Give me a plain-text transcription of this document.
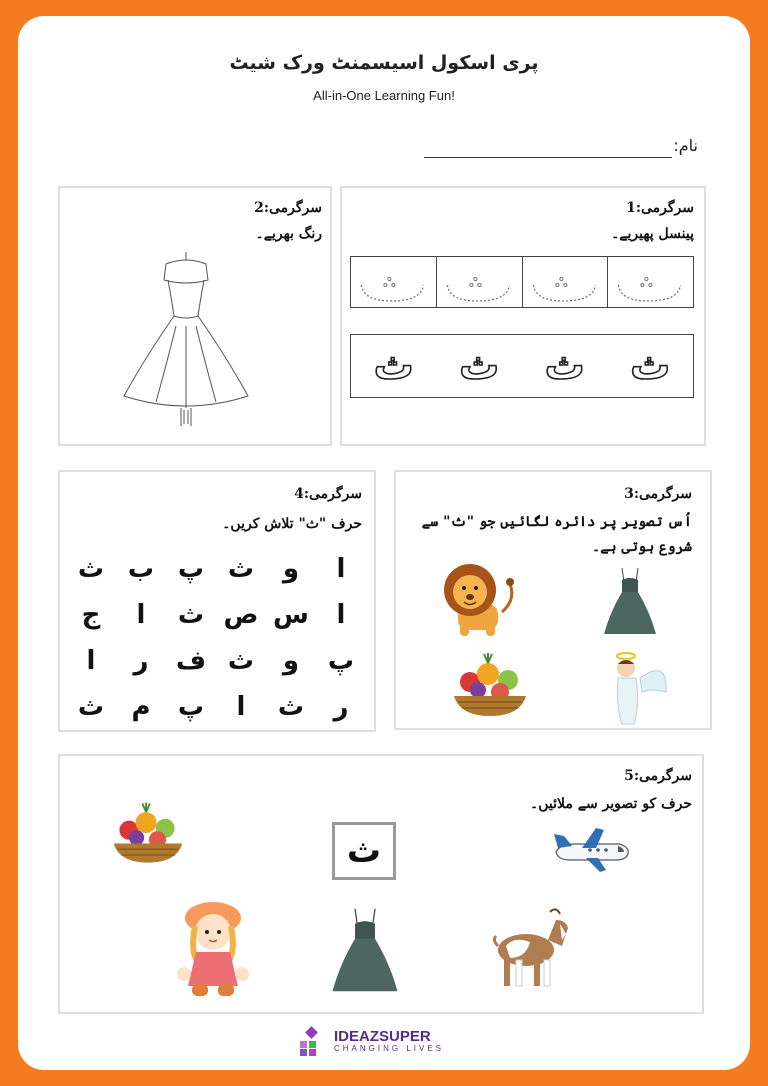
پری اسکول اسیسمنٹ ورک شیٹ
All-in-One Learning Fun!
نام:
سرگرمی:1
پینسل پھیریے۔
ث
ث
ث
ث
سرگرمی:2
رنگ بھریے۔
سرگرمی:4
حرف "ث" تلاش کریں۔
ا
و
ث
پ
ب
ث
ا
س
ص
ث
ا
ج
پ
و
ث
ف
ر
ا
ر
ث
ا
پ
م
ث
سرگرمی:3
اُس تصویر پر دائرہ لگائیں جو "ث" سے شروع ہوتی ہے۔
سرگرمی:5
حرف کو تصویر سے ملائیں۔
ث
IDEAZSUPER
CHANGING LIVES
